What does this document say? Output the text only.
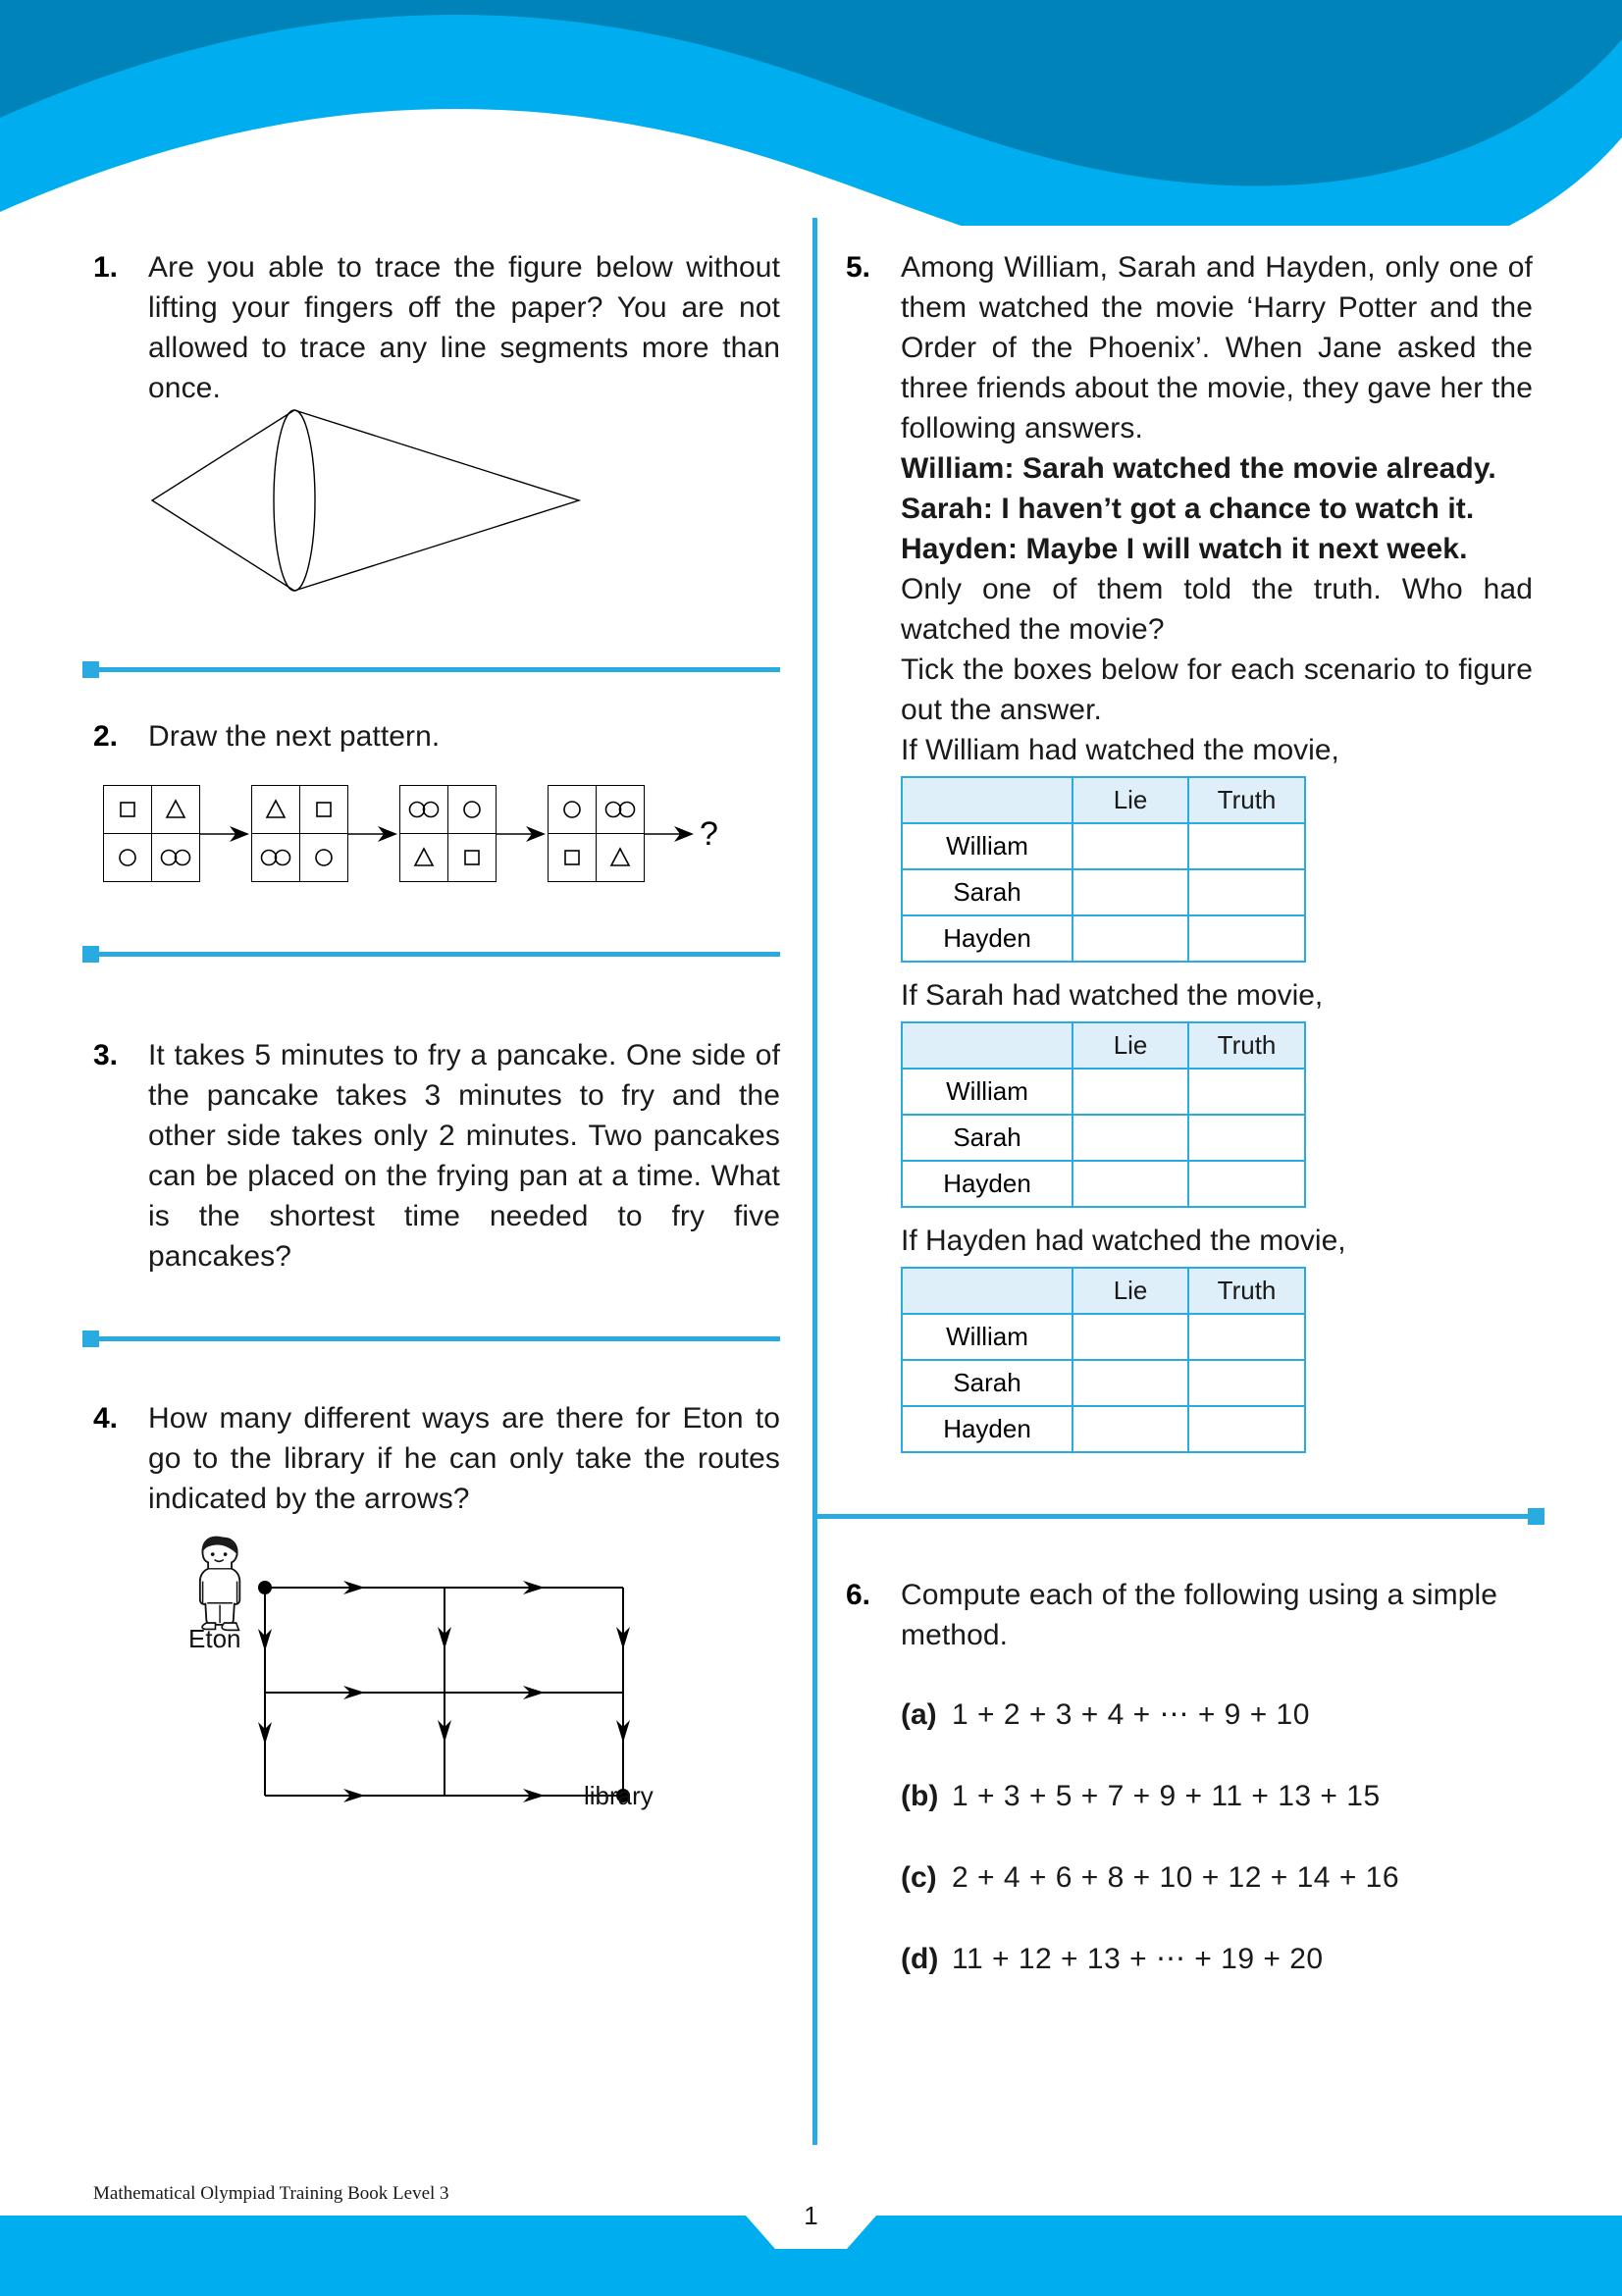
1.	Are you able to trace the figure below without lifting your fingers off the paper? You are not allowed to trace any line segments more than once.
2.	Draw the next pattern.
?
3.	It takes 5 minutes to fry a pancake. One side of the pancake takes 3 minutes to fry and the other side takes only 2 minutes. Two pancakes can be placed on the frying pan at a time. What is the shortest time needed to fry five pancakes?
4.	How many different ways are there for Eton to go to the library if he can only take the routes indicated by the arrows?
Eton
library
5.	Among William, Sarah and Hayden, only one of them watched the movie ‘Harry Potter and the Order of the Phoenix’. When Jane asked the three friends about the movie, they gave her the following answers.
William: Sarah watched the movie already.
Sarah: I haven’t got a chance to watch it.
Hayden: Maybe I will watch it next week.
Only one of them told the truth. Who had watched the movie?
Tick the boxes below for each scenario to figure out the answer.
If William had watched the movie,
	Lie	Truth
William		
Sarah		
Hayden		
If Sarah had watched the movie,
	Lie	Truth
William		
Sarah		
Hayden		
If Hayden had watched the movie,
	Lie	Truth
William		
Sarah		
Hayden		
6.	Compute each of the following using a simple method.
(a) 1 + 2 + 3 + 4 + ⋯ + 9 + 10
(b) 1 + 3 + 5 + 7 + 9 + 11 + 13 + 15
(c) 2 + 4 + 6 + 8 + 10 + 12 + 14 + 16
(d) 11 + 12 + 13 + ⋯ + 19 + 20

Mathematical Olympiad Training Book Level 3

1
